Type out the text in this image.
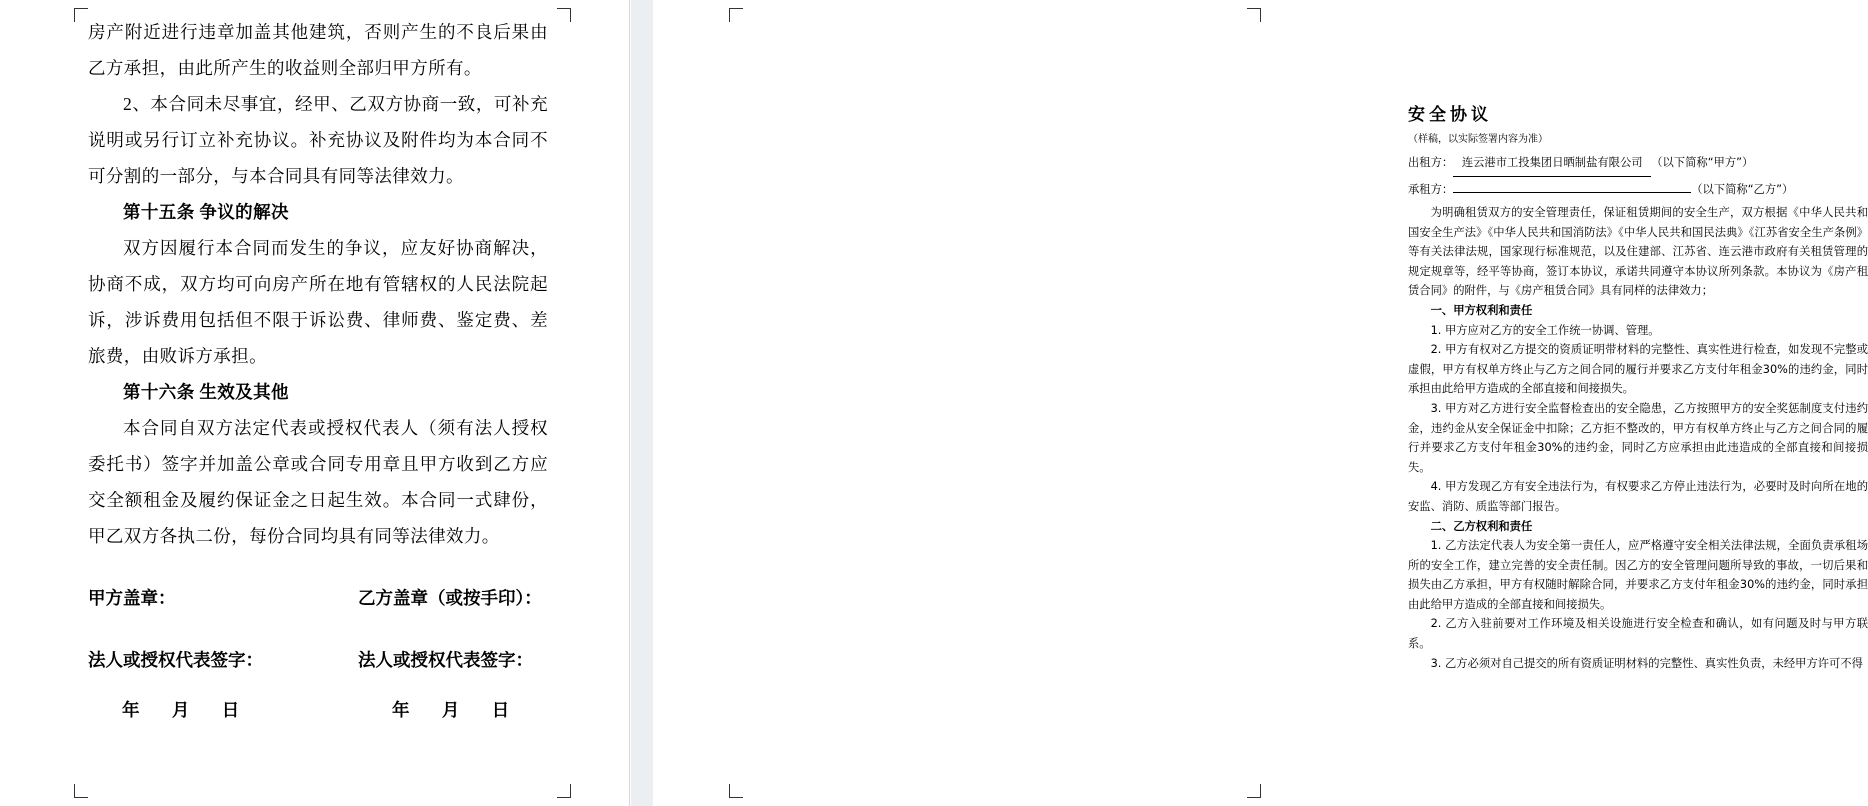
房产附近进行违章加盖其他建筑，否则产生的不良后果由乙方承担，由此所产生的收益则全部归甲方所有。

2、本合同未尽事宜，经甲、乙双方协商一致，可补充说明或另行订立补充协议。补充协议及附件均为本合同不可分割的一部分，与本合同具有同等法律效力。

第十五条 争议的解决

双方因履行本合同而发生的争议，应友好协商解决，协商不成，双方均可向房产所在地有管辖权的人民法院起诉，涉诉费用包括但不限于诉讼费、律师费、鉴定费、差旅费，由败诉方承担。

第十六条 生效及其他

本合同自双方法定代表或授权代表人（须有法人授权委托书）签字并加盖公章或合同专用章且甲方收到乙方应交全额租金及履约保证金之日起生效。本合同一式肆份，甲乙双方各执二份，每份合同均具有同等法律效力。

甲方盖章：	乙方盖章（或按手印）：
法人或授权代表签字：	法人或授权代表签字：
年 月 日	年 月 日

安全协议

（样稿，以实际签署内容为准）

出租方： 连云港市工投集团日晒制盐有限公司 （以下简称“甲方”）

承租方：	（以下简称“乙方”）

为明确租赁双方的安全管理责任，保证租赁期间的安全生产，双方根据《中华人民共和国安全生产法》《中华人民共和国消防法》《中华人民共和国民法典》《江苏省安全生产条例》等有关法律法规，国家现行标准规范，以及住建部、江苏省、连云港市政府有关租赁管理的规定规章等，经平等协商，签订本协议，承诺共同遵守本协议所列条款。本协议为《房产租赁合同》的附件，与《房产租赁合同》具有同样的法律效力；

一、甲方权利和责任

1. 甲方应对乙方的安全工作统一协调、管理。

2. 甲方有权对乙方提交的资质证明带材料的完整性、真实性进行检查，如发现不完整或虚假，甲方有权单方终止与乙方之间合同的履行并要求乙方支付年租金30%的违约金，同时承担由此给甲方造成的全部直接和间接损失。

3. 甲方对乙方进行安全监督检查出的安全隐患，乙方按照甲方的安全奖惩制度支付违约金，违约金从安全保证金中扣除；乙方拒不整改的，甲方有权单方终止与乙方之间合同的履行并要求乙方支付年租金30%的违约金，同时乙方应承担由此违造成的全部直接和间接损失。

4. 甲方发现乙方有安全违法行为，有权要求乙方停止违法行为，必要时及时向所在地的安监、消防、质监等部门报告。

二、乙方权利和责任

1. 乙方法定代表人为安全第一责任人，应严格遵守安全相关法律法规，全面负责承租场所的安全工作，建立完善的安全责任制。因乙方的安全管理问题所导致的事故，一切后果和损失由乙方承担，甲方有权随时解除合同，并要求乙方支付年租金30%的违约金，同时承担由此给甲方造成的全部直接和间接损失。

2. 乙方入驻前要对工作环境及相关设施进行安全检查和确认，如有问题及时与甲方联系。

3. 乙方必须对自己提交的所有资质证明材料的完整性、真实性负责，未经甲方许可不得
